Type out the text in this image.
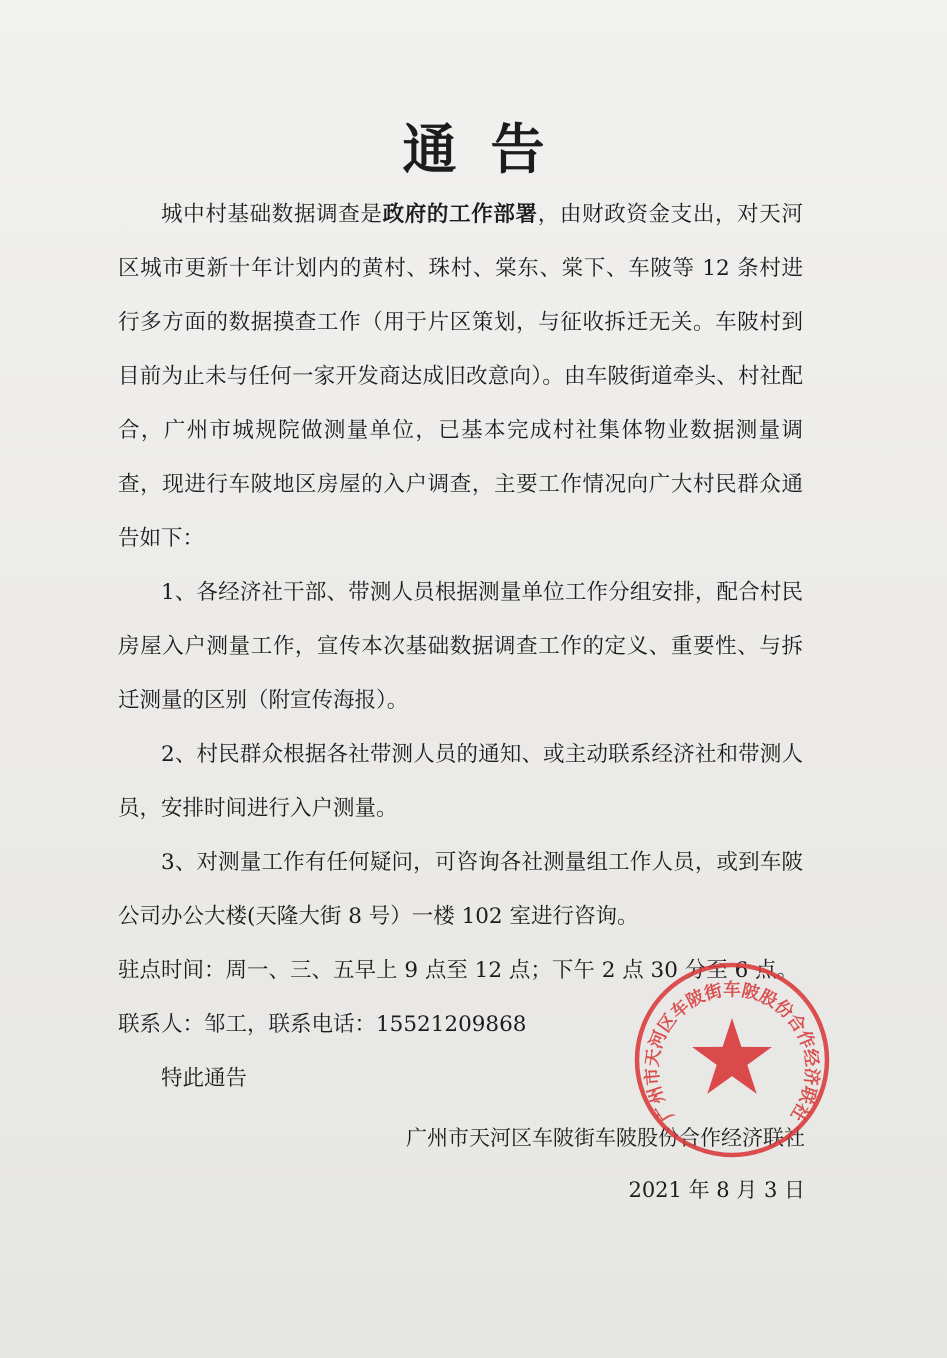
通告

城中村基础数据调查是政府的工作部署，由财政资金支出，对天河区城市更新十年计划内的黄村、珠村、棠东、棠下、车陂等 12 条村进行多方面的数据摸查工作（用于片区策划，与征收拆迁无关。车陂村到目前为止未与任何一家开发商达成旧改意向）。由车陂街道牵头、村社配合，广州市城规院做测量单位，已基本完成村社集体物业数据测量调查，现进行车陂地区房屋的入户调查，主要工作情况向广大村民群众通告如下：

1、各经济社干部、带测人员根据测量单位工作分组安排，配合村民房屋入户测量工作，宣传本次基础数据调查工作的定义、重要性、与拆迁测量的区别（附宣传海报）。

2、村民群众根据各社带测人员的通知、或主动联系经济社和带测人员，安排时间进行入户测量。

3、对测量工作有任何疑问，可咨询各社测量组工作人员，或到车陂公司办公大楼(天隆大街 8 号）一楼 102 室进行咨询。

驻点时间：周一、三、五早上 9 点至 12 点；下午 2 点 30 分至 6 点。

联系人：邹工，联系电话：15521209868

特此通告

广州市天河区车陂街车陂股份合作经济联社
2021 年 8 月 3 日
广州市天河区车陂街车陂股份合作经济联社
